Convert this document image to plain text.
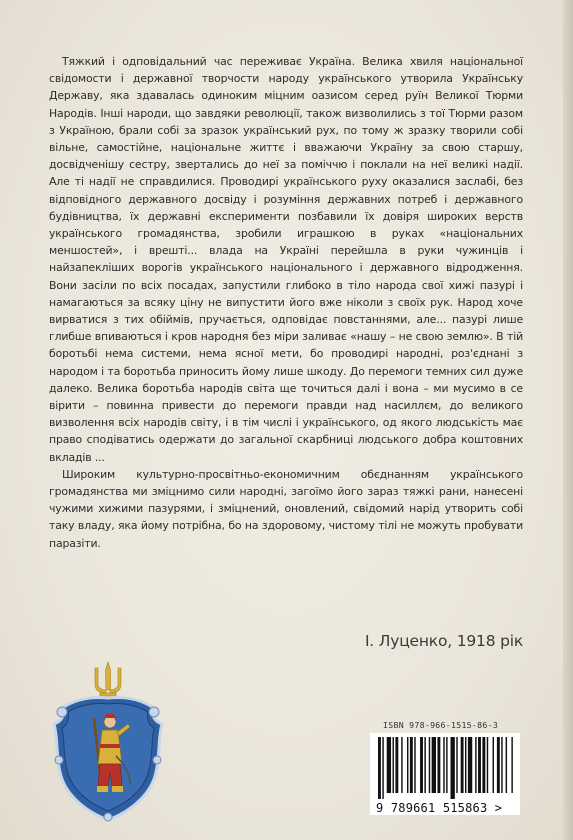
Тяжкий і одповідальний час переживає Україна. Велика хвиля національної свідомости і державної творчости народу українського утворила Українську Державу, яка здавалась одиноким міцним оазисом серед руїн Великої Тюрми Народів. Інші народи, що завдяки революції, також визволились з тої Тюрми разом з Україною, брали собі за зразок український рух, по тому ж зразку творили собі вільне, самостійне, національне життє і вважаючи Україну за свою старшу, досвідченішу сестру, звертались до неї за поміччю і поклали на неї великі надії. Але ті надії не справдилися. Проводирі українського руху оказалися заслабі, без відповідного державного досвіду і розуміння державних потреб і державного будівництва, їх державні експерименти позбавили їх довіря широких верств українського громадянства, зробили играшкою в руках «національних меншостей», і врешті... влада на Україні перейшла в руки чужинців і найзапекліших ворогів українського національного і державного відродження. Вони засіли по всіх посадах, запустили глибоко в тіло народа свої хижі пазурі і намагаються за всяку ціну не випустити його вже ніколи з своїх рук. Народ хоче вирватися з тих обіймів, пручається, одповідає повстаннями, але... пазурі лише глибше впиваються і кров народня без міри заливає «нашу – не свою землю». В тій боротьбі нема системи, нема ясної мети, бо проводирі народні, роз'єднані з народом і та боротьба приносить йому лише шкоду. До перемоги темних сил дуже далеко. Велика боротьба народів світа ще точиться далі і вона – ми мусимо в се вірити – повинна привести до перемоги правди над насиллєм, до великого визволення всіх народів світу, і в тім числі і українського, од якого людськість має право сподіватись одержати до загальної скарбниці людського добра коштовних вкладів ...

Широким культурно-просвітньо-економичним обєднанням українського громадянства ми зміцнимо сили народні, загоїмо його зараз тяжкі рани, нанесені чужими хижими пазурями, і зміцнений, оновлений, свідомий нарід утворить собі таку владу, яка йому потрібна, бо на здоровому, чистому тілі не можуть пробувати паразіти.

І. Луценко, 1918 рік
ISBN 978-966-1515-86-3
9 789661 515863 >
